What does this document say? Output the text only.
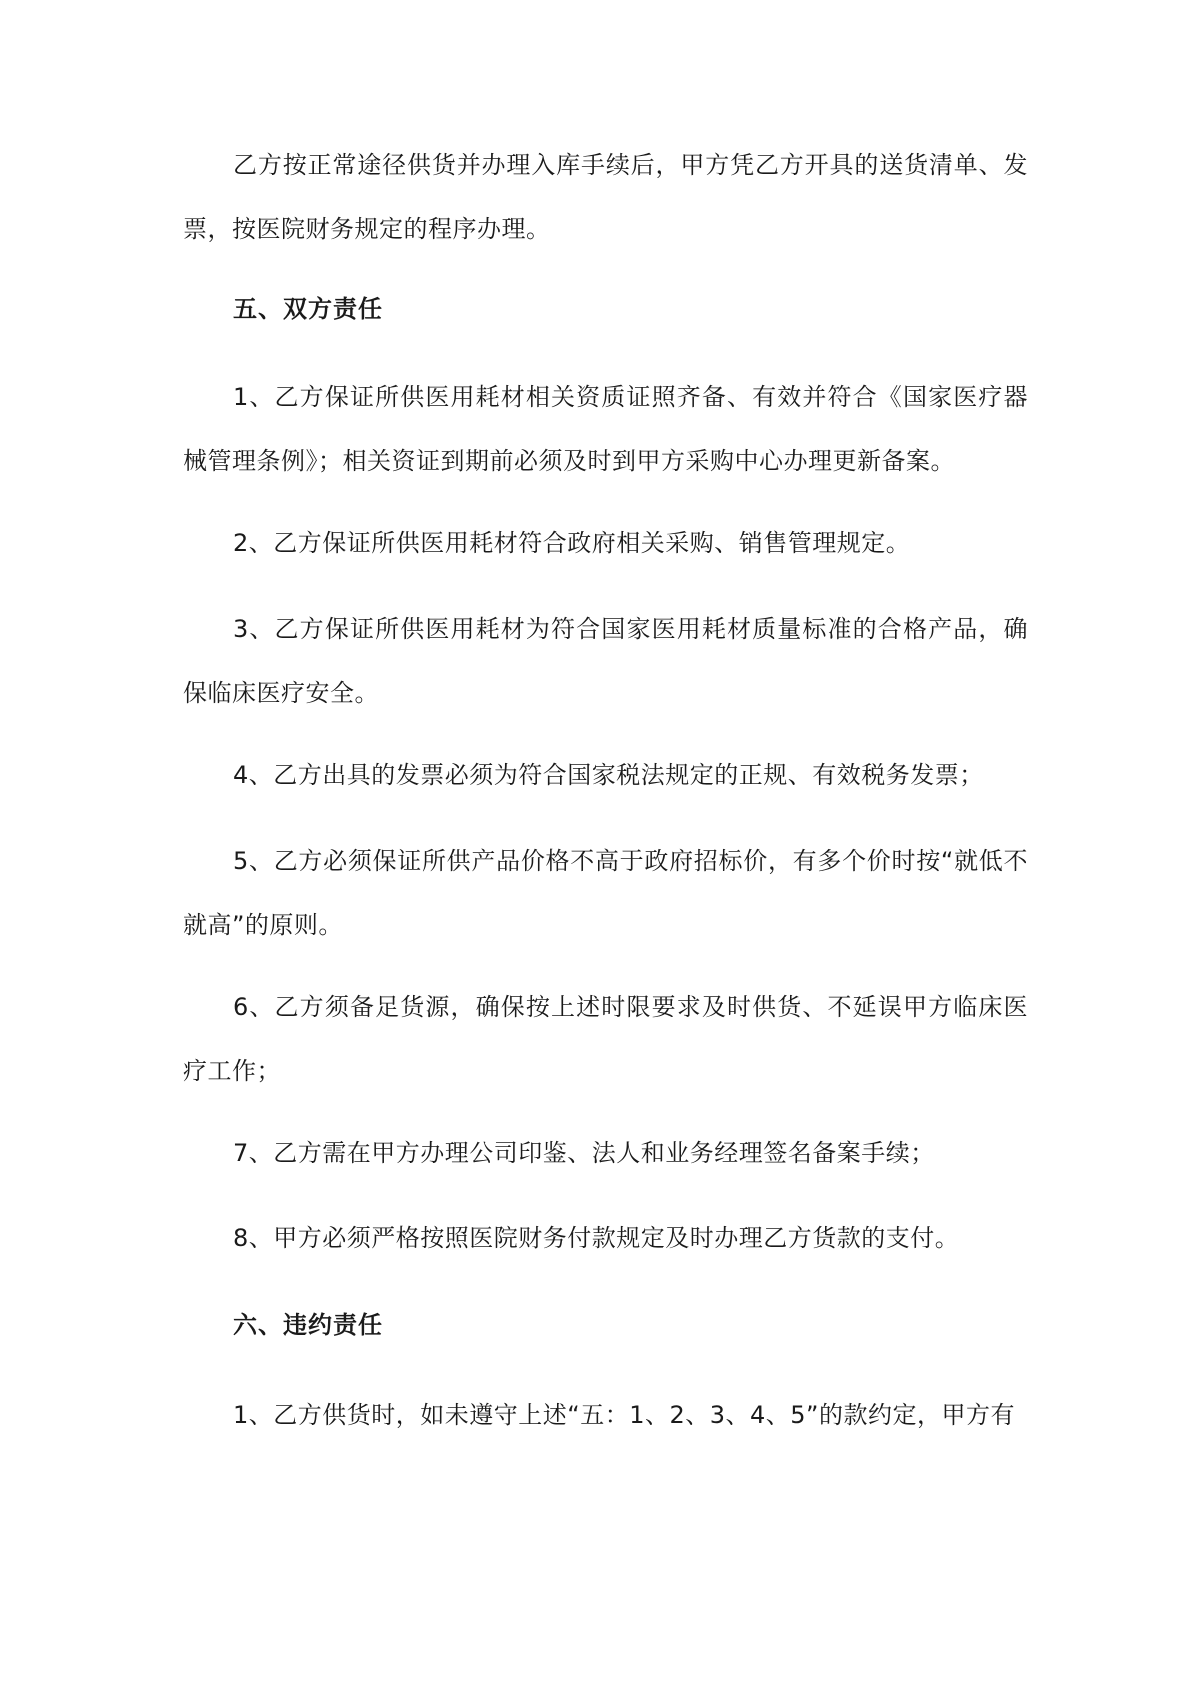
乙方按正常途径供货并办理入库手续后，甲方凭乙方开具的送货清单、发票，按医院财务规定的程序办理。

五、双方责任

1、乙方保证所供医用耗材相关资质证照齐备、有效并符合《国家医疗器械管理条例》；相关资证到期前必须及时到甲方采购中心办理更新备案。

2、乙方保证所供医用耗材符合政府相关采购、销售管理规定。

3、乙方保证所供医用耗材为符合国家医用耗材质量标准的合格产品，确保临床医疗安全。

4、乙方出具的发票必须为符合国家税法规定的正规、有效税务发票；

5、乙方必须保证所供产品价格不高于政府招标价，有多个价时按“就低不就高”的原则。

6、乙方须备足货源，确保按上述时限要求及时供货、不延误甲方临床医疗工作；

7、乙方需在甲方办理公司印鉴、法人和业务经理签名备案手续；

8、甲方必须严格按照医院财务付款规定及时办理乙方货款的支付。

六、违约责任

1、乙方供货时，如未遵守上述“五：1、2、3、4、5”的款约定，甲方有
